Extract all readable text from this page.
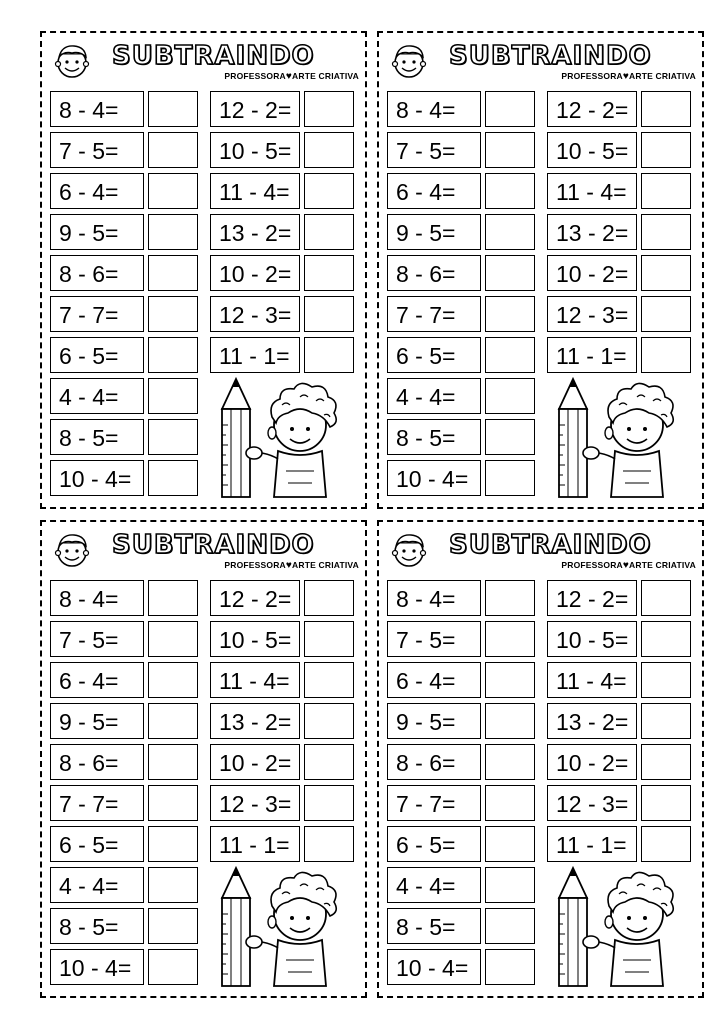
SUBTRAINDO
PROFESSORA♥ARTE CRIATIVA
8 - 4=
7 - 5=
6 - 4=
9 - 5=
8 - 6=
7 - 7=
6 - 5=
4 - 4=
8 - 5=
10 - 4=
12 - 2=
10 - 5=
11 - 4=
13 - 2=
10 - 2=
12 - 3=
11 - 1=
SUBTRAINDO
PROFESSORA♥ARTE CRIATIVA
8 - 4=
7 - 5=
6 - 4=
9 - 5=
8 - 6=
7 - 7=
6 - 5=
4 - 4=
8 - 5=
10 - 4=
12 - 2=
10 - 5=
11 - 4=
13 - 2=
10 - 2=
12 - 3=
11 - 1=
SUBTRAINDO
PROFESSORA♥ARTE CRIATIVA
8 - 4=
7 - 5=
6 - 4=
9 - 5=
8 - 6=
7 - 7=
6 - 5=
4 - 4=
8 - 5=
10 - 4=
12 - 2=
10 - 5=
11 - 4=
13 - 2=
10 - 2=
12 - 3=
11 - 1=
SUBTRAINDO
PROFESSORA♥ARTE CRIATIVA
8 - 4=
7 - 5=
6 - 4=
9 - 5=
8 - 6=
7 - 7=
6 - 5=
4 - 4=
8 - 5=
10 - 4=
12 - 2=
10 - 5=
11 - 4=
13 - 2=
10 - 2=
12 - 3=
11 - 1=
